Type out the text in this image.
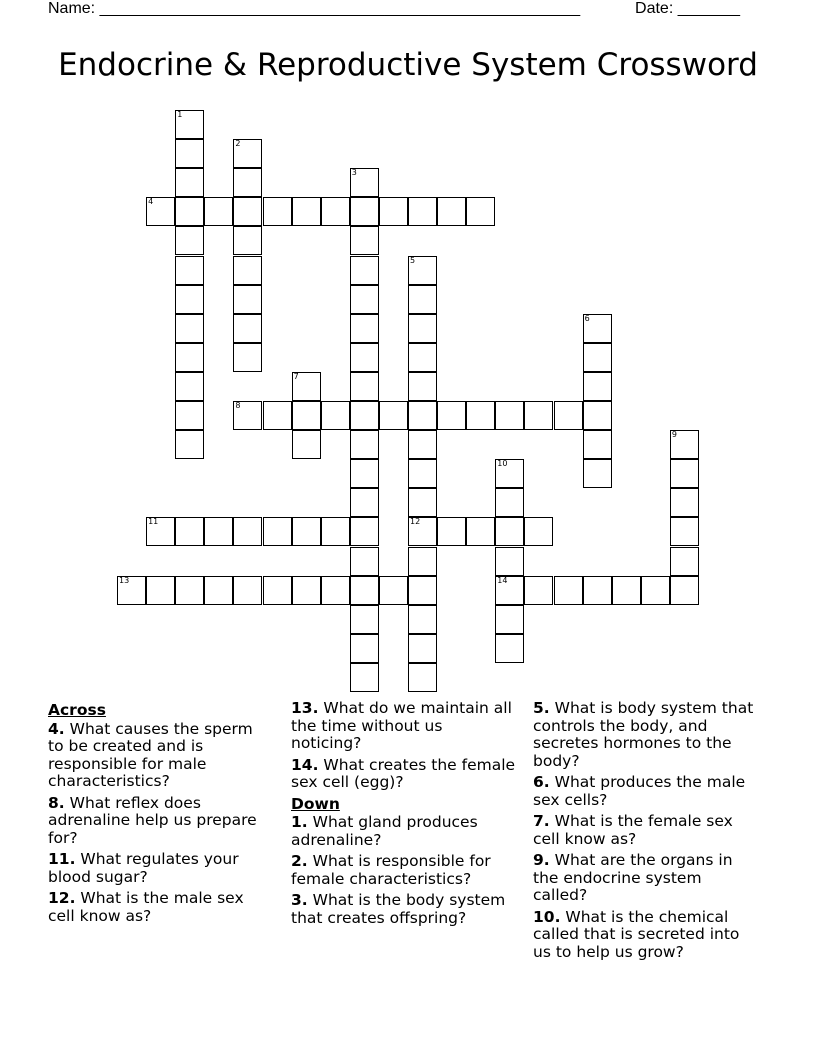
Name: ______________________________________________________	Date: _______
Endocrine & Reproductive System Crossword
1
2
3
4
5
12
6
7
8
9
10
14
11
13
Across
4. What causes the sperm to be created and is responsible for male characteristics?
8. What reflex does adrenaline help us prepare for?
11. What regulates your blood sugar?
12. What is the male sex cell know as?
13. What do we maintain all the time without us noticing?
14. What creates the female sex cell (egg)?
Down
1. What gland produces adrenaline?
2. What is responsible for female characteristics?
3. What is the body system that creates offspring?
5. What is body system that controls the body, and secretes hormones to the body?
6. What produces the male sex cells?
7. What is the female sex cell know as?
9. What are the organs in the endocrine system called?
10. What is the chemical called that is secreted into us to help us grow?
